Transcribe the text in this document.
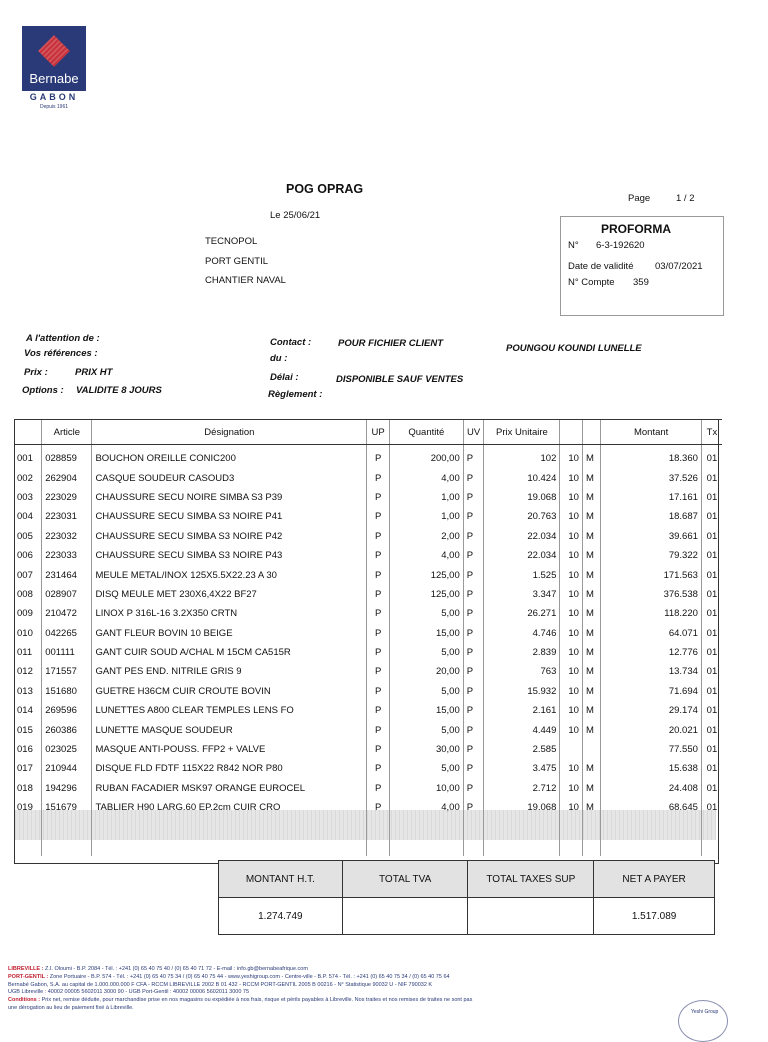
Bernabe
GABON
Depuis 1961
POG OPRAG
Le 25/06/21
Page	1 / 2
TECNOPOL
PORT GENTIL
CHANTIER NAVAL
PROFORMA
N° 6-3-192620
Date de validité 03/07/2021
N° Compte 359
A l'attention de :
Vos références :
Prix :	PRIX HT
Options : VALIDITE 8 JOURS
Contact :	POUR FICHIER CLIENT	POUNGOU KOUNDI LUNELLE
du :
Délai :	DISPONIBLE SAUF VENTES
Règlement :
	Article	Désignation	UP	Quantité	UV	Prix Unitaire			Montant	Tx
001	028859	BOUCHON OREILLE CONIC200	P	200,00	P	102	10	M	18.360	01
002	262904	CASQUE SOUDEUR CASOUD3	P	4,00	P	10.424	10	M	37.526	01
003	223029	CHAUSSURE SECU NOIRE SIMBA S3 P39	P	1,00	P	19.068	10	M	17.161	01
004	223031	CHAUSSURE SECU SIMBA S3 NOIRE P41	P	1,00	P	20.763	10	M	18.687	01
005	223032	CHAUSSURE SECU SIMBA S3 NOIRE P42	P	2,00	P	22.034	10	M	39.661	01
006	223033	CHAUSSURE SECU SIMBA S3 NOIRE P43	P	4,00	P	22.034	10	M	79.322	01
007	231464	MEULE METAL/INOX 125X5.5X22.23 A 30	P	125,00	P	1.525	10	M	171.563	01
008	028907	DISQ MEULE MET 230X6,4X22 BF27	P	125,00	P	3.347	10	M	376.538	01
009	210472	LINOX P 316L-16 3.2X350 CRTN	P	5,00	P	26.271	10	M	118.220	01
010	042265	GANT FLEUR BOVIN 10 BEIGE	P	15,00	P	4.746	10	M	64.071	01
011	001111	GANT CUIR SOUD A/CHAL M 15CM CA515R	P	5,00	P	2.839	10	M	12.776	01
012	171557	GANT PES END. NITRILE GRIS 9	P	20,00	P	763	10	M	13.734	01
013	151680	GUETRE H36CM CUIR CROUTE BOVIN	P	5,00	P	15.932	10	M	71.694	01
014	269596	LUNETTES A800 CLEAR TEMPLES LENS FO	P	15,00	P	2.161	10	M	29.174	01
015	260386	LUNETTE MASQUE SOUDEUR	P	5,00	P	4.449	10	M	20.021	01
016	023025	MASQUE ANTI-POUSS. FFP2 + VALVE	P	30,00	P	2.585			77.550	01
017	210944	DISQUE FLD FDTF 115X22 R842 NOR P80	P	5,00	P	3.475	10	M	15.638	01
018	194296	RUBAN FACADIER MSK97 ORANGE EUROCEL	P	10,00	P	2.712	10	M	24.408	01
019	151679	TABLIER H90 LARG.60 EP.2cm CUIR CRO	P	4,00	P	19.068	10	M	68.645	01

MONTANT H.T.	TOTAL TVA	TOTAL TAXES SUP	NET A PAYER
1.274.749			1.517.089
LIBREVILLE : Z.I. Oloumi - B.P. 2084 - Tél. : +241 (0) 65 40 75 40 / (0) 65 40 71 72 - E-mail : info.gb@bernabeafrique.com
PORT-GENTIL : Zone Portuaire - B.P. 574 - Tél. : +241 (0) 65 40 75 34 / (0) 65 40 75 44 - www.yeshigroup.com - Centre-ville - B.P. 574 - Tél. : +241 (0) 65 40 75 34 / (0) 65 40 75 64
Bernabé Gabon, S.A. au capital de 1.000.000.000 F CFA - RCCM LIBREVILLE 2002 B 01 432 - RCCM PORT-GENTIL 2005 B 00216 - N° Statistique 90032 U - NIF 790032 K
UGB Libreville : 40002 00005 5602011 3000 90 - UGB Port-Gentil : 40002 00006 5602011 3000 75
Conditions : Prix net, remise déduite, pour marchandise prise en nos magasins ou expédiée à nos frais, risque et périls payables à Libreville. Nos traites et nos remises de traites ne sont pas
une dérogation au lieu de paiement fixé à Libreville.
Yeshi Group
